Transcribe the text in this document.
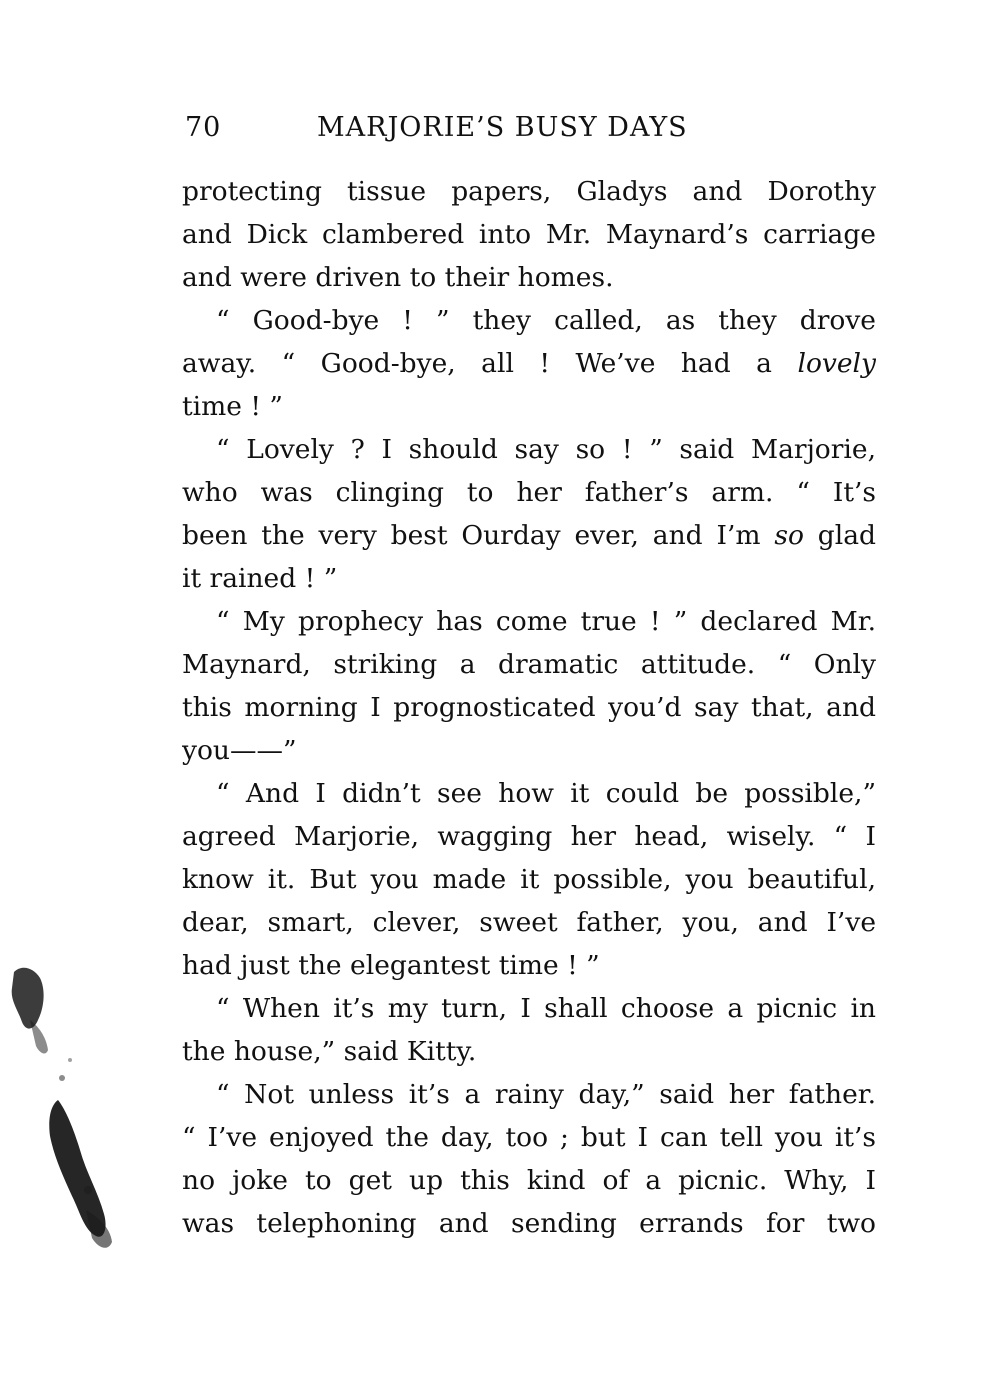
70	MARJORIE’S BUSY DAYS
protecting tissue papers, Gladys and Dorothy
and Dick clambered into Mr. Maynard’s carriage
and were driven to their homes.
“ Good-bye ! ” they called, as they drove
away. “ Good-bye, all ! We’ve had a lovely
time ! ”
“ Lovely ? I should say so ! ” said Marjorie,
who was clinging to her father’s arm. “ It’s
been the very best Ourday ever, and I’m so glad
it rained ! ”
“ My prophecy has come true ! ” declared Mr.
Maynard, striking a dramatic attitude. “ Only
this morning I prognosticated you’d say that, and
you——”
“ And I didn’t see how it could be possible,”
agreed Marjorie, wagging her head, wisely. “ I
know it. But you made it possible, you beautiful,
dear, smart, clever, sweet father, you, and I’ve
had just the elegantest time ! ”
“ When it’s my turn, I shall choose a picnic in
the house,” said Kitty.
“ Not unless it’s a rainy day,” said her father.
“ I’ve enjoyed the day, too ; but I can tell you it’s
no joke to get up this kind of a picnic. Why, I
was telephoning and sending errands for two
